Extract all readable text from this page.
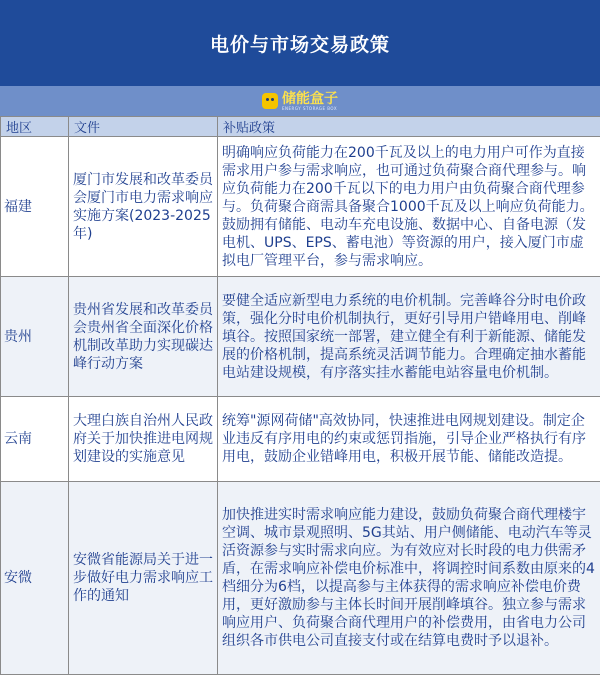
电价与市场交易政策
储能盒子
ENERGY STORAGE BOX
地区	文件	补贴政策
福建	厦门市发展和改革委员会厦门市电力需求响应实施方案(2023-2025年)	明确响应负荷能力在200千瓦及以上的电力用户可作为直接需求用户参与需求响应，也可通过负荷聚合商代理参与。响应负荷能力在200千瓦以下的电力用户由负荷聚合商代理参与。负荷聚合商需具备聚合1000千瓦及以上响应负荷能力。鼓励拥有储能、电动车充电设施、数据中心、自备电源（发电机、UPS、EPS、蓄电池）等资源的用户，接入厦门市虚拟电厂管理平台，参与需求响应。
贵州	贵州省发展和改革委员会贵州省全面深化价格机制改革助力实现碳达峰行动方案	要健全适应新型电力系统的电价机制。完善峰谷分时电价政策，强化分时电价机制执行，更好引导用户错峰用电、削峰填谷。按照国家统一部署，建立健全有利于新能源、储能发展的价格机制，提高系统灵活调节能力。合理确定抽水蓄能电站建设规模，有序落实挂水蓄能电站容量电价机制。
云南	大理白族自治州人民政府关于加快推进电网规划建设的实施意见	统筹"源网荷储"高效协同，快速推进电网规划建设。制定企业违反有序用电的约束或惩罚指施，引导企业严格执行有序用电，鼓励企业错峰用电，积极开展节能、储能改造提。
安微	安微省能源局关于进一步做好电力需求响应工作的通知	加快推进实时需求响应能力建设，鼓励负荷聚合商代理楼宇空调、城市景观照明、5G其站、用户侧储能、电动汽车等灵活资源参与实时需求向应。为有效应对长时段的电力供需矛盾，在需求响应补偿电价标准中，将调控时间系数由原来的4档细分为6档，以提高参与主体获得的需求响应补偿电价费用，更好激励参与主体长时间开展削峰填谷。独立参与需求响应用户、负荷聚合商代理用户的补偿费用，由省电力公司组织各市供电公司直接支付或在结算电费时予以退补。
